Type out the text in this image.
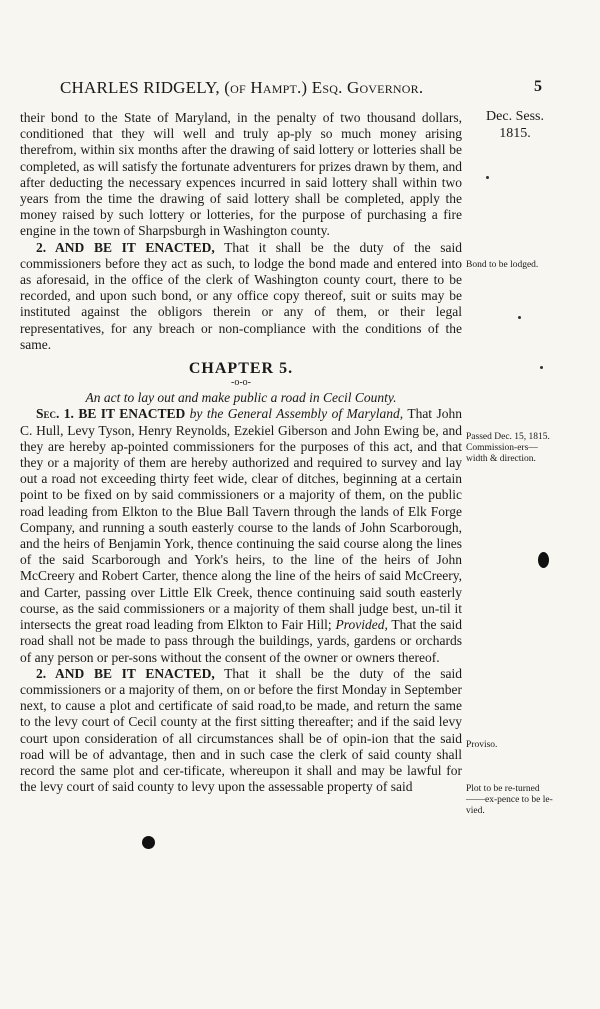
CHARLES RIDGELY, (of Hampt.) Esq. Governor.	5

their bond to the State of Maryland, in the penalty of two thousand dollars, conditioned that they will well and truly ap-ply so much money arising therefrom, within six months after the drawing of said lottery or lotteries shall be completed, as will satisfy the fortunate adventurers for prizes drawn by them, and after deducting the necessary expences incurred in said lottery shall within two years from the time the drawing of said lottery shall be completed, apply the money raised by such lottery or lotteries, for the purpose of purchasing a fire engine in the town of Sharpsburgh in Washington county.

2. AND BE IT ENACTED, That it shall be the duty of the said commissioners before they act as such, to lodge the bond made and entered into as aforesaid, in the office of the clerk of Washington county court, there to be recorded, and upon such bond, or any office copy thereof, suit or suits may be instituted against the obligors therein or any of them, or their legal representatives, for any breach or non-compliance with the conditions of the same.

CHAPTER 5.
-o-o-
An act to lay out and make public a road in Cecil County.

Sec. 1. BE IT ENACTED by the General Assembly of Maryland, That John C. Hull, Levy Tyson, Henry Reynolds, Ezekiel Giberson and John Ewing be, and they are hereby ap-pointed commissioners for the purposes of this act, and that they or a majority of them are hereby authorized and required to survey and lay out a road not exceeding thirty feet wide, clear of ditches, beginning at a certain point to be fixed on by said commissioners or a majority of them, on the public road leading from Elkton to the Blue Ball Tavern through the lands of Elk Forge Company, and running a south easterly course to the lands of John Scarborough, and the heirs of Benjamin York, thence continuing the said course along the lines of the said Scarborough and York's heirs, to the line of the heirs of John McCreery and Robert Carter, thence along the line of the heirs of said McCreery, and Carter, passing over Little Elk Creek, thence continuing said south easterly course, as the said commissioners or a majority of them shall judge best, un-til it intersects the great road leading from Elkton to Fair Hill; Provided, That the said road shall not be made to pass through the buildings, yards, gardens or orchards of any person or per-sons without the consent of the owner or owners thereof.

2. AND BE IT ENACTED, That it shall be the duty of the said commissioners or a majority of them, on or before the first Monday in September next, to cause a plot and certificate of said road,to be made, and return the same to the levy court of Cecil county at the first sitting thereafter; and if the said levy court upon consideration of all circumstances shall be of opin-ion that the said road will be of advantage, then and in such case the clerk of said county shall record the same plot and cer-tificate, whereupon it shall and may be lawful for the levy court of said county to levy upon the assessable property of said

Dec. Sess. 1815.
Bond to be lodged.
Passed Dec. 15, 1815. Commission-ers—width & direction.
Proviso.
Plot to be re-turned——ex-pence to be le-vied.
